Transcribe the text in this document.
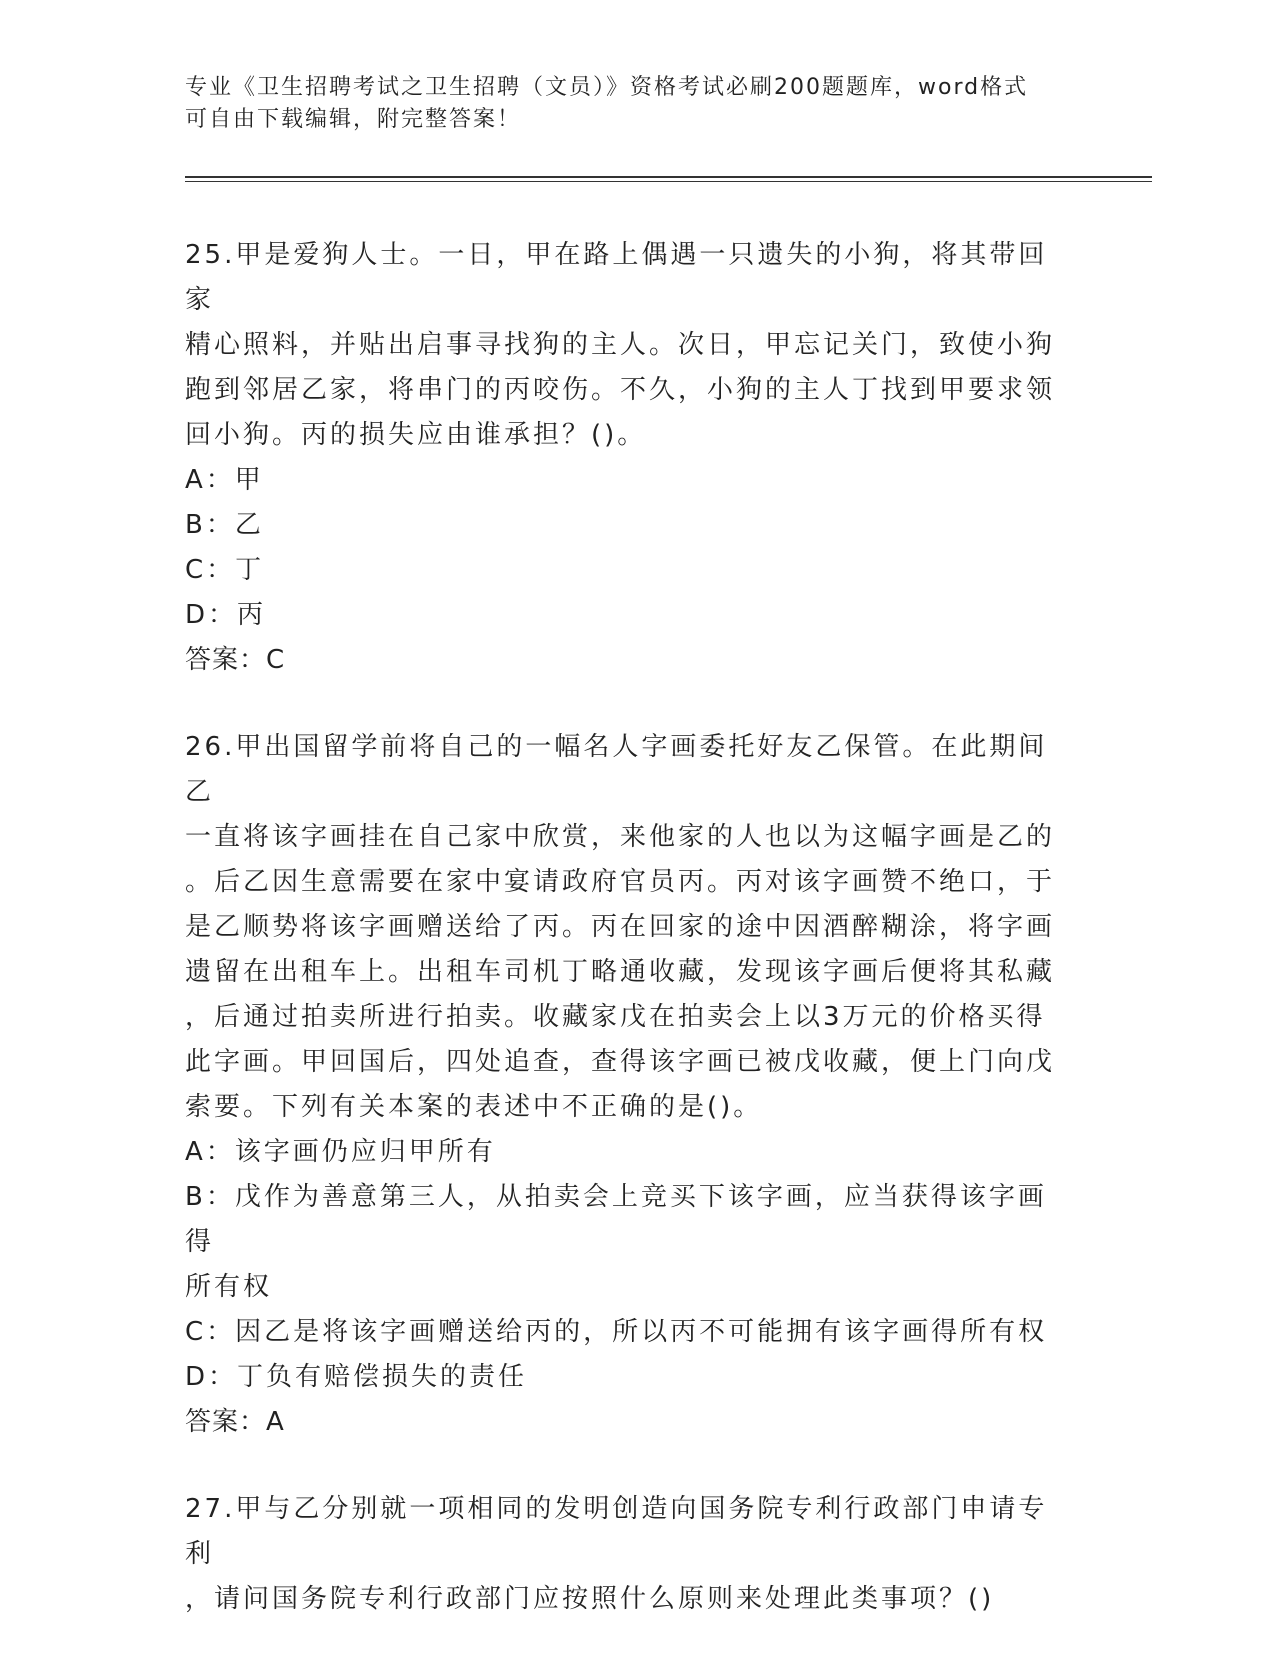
专业《卫生招聘考试之卫生招聘（文员）》资格考试必刷200题题库，word格式
可自由下载编辑，附完整答案！
25.甲是爱狗人士。一日，甲在路上偶遇一只遗失的小狗，将其带回家
精心照料，并贴出启事寻找狗的主人。次日，甲忘记关门，致使小狗
跑到邻居乙家，将串门的丙咬伤。不久，小狗的主人丁找到甲要求领
回小狗。丙的损失应由谁承担？()。
A：甲
B：乙
C：丁
D：丙
答案：C
26.甲出国留学前将自己的一幅名人字画委托好友乙保管。在此期间乙
一直将该字画挂在自己家中欣赏，来他家的人也以为这幅字画是乙的
。后乙因生意需要在家中宴请政府官员丙。丙对该字画赞不绝口，于
是乙顺势将该字画赠送给了丙。丙在回家的途中因酒醉糊涂，将字画
遗留在出租车上。出租车司机丁略通收藏，发现该字画后便将其私藏
，后通过拍卖所进行拍卖。收藏家戊在拍卖会上以3万元的价格买得
此字画。甲回国后，四处追查，查得该字画已被戊收藏，便上门向戊
索要。下列有关本案的表述中不正确的是()。
A：该字画仍应归甲所有
B：戊作为善意第三人，从拍卖会上竞买下该字画，应当获得该字画得
所有权
C：因乙是将该字画赠送给丙的，所以丙不可能拥有该字画得所有权
D：丁负有赔偿损失的责任
答案：A
27.甲与乙分别就一项相同的发明创造向国务院专利行政部门申请专利
，请问国务院专利行政部门应按照什么原则来处理此类事项？()
